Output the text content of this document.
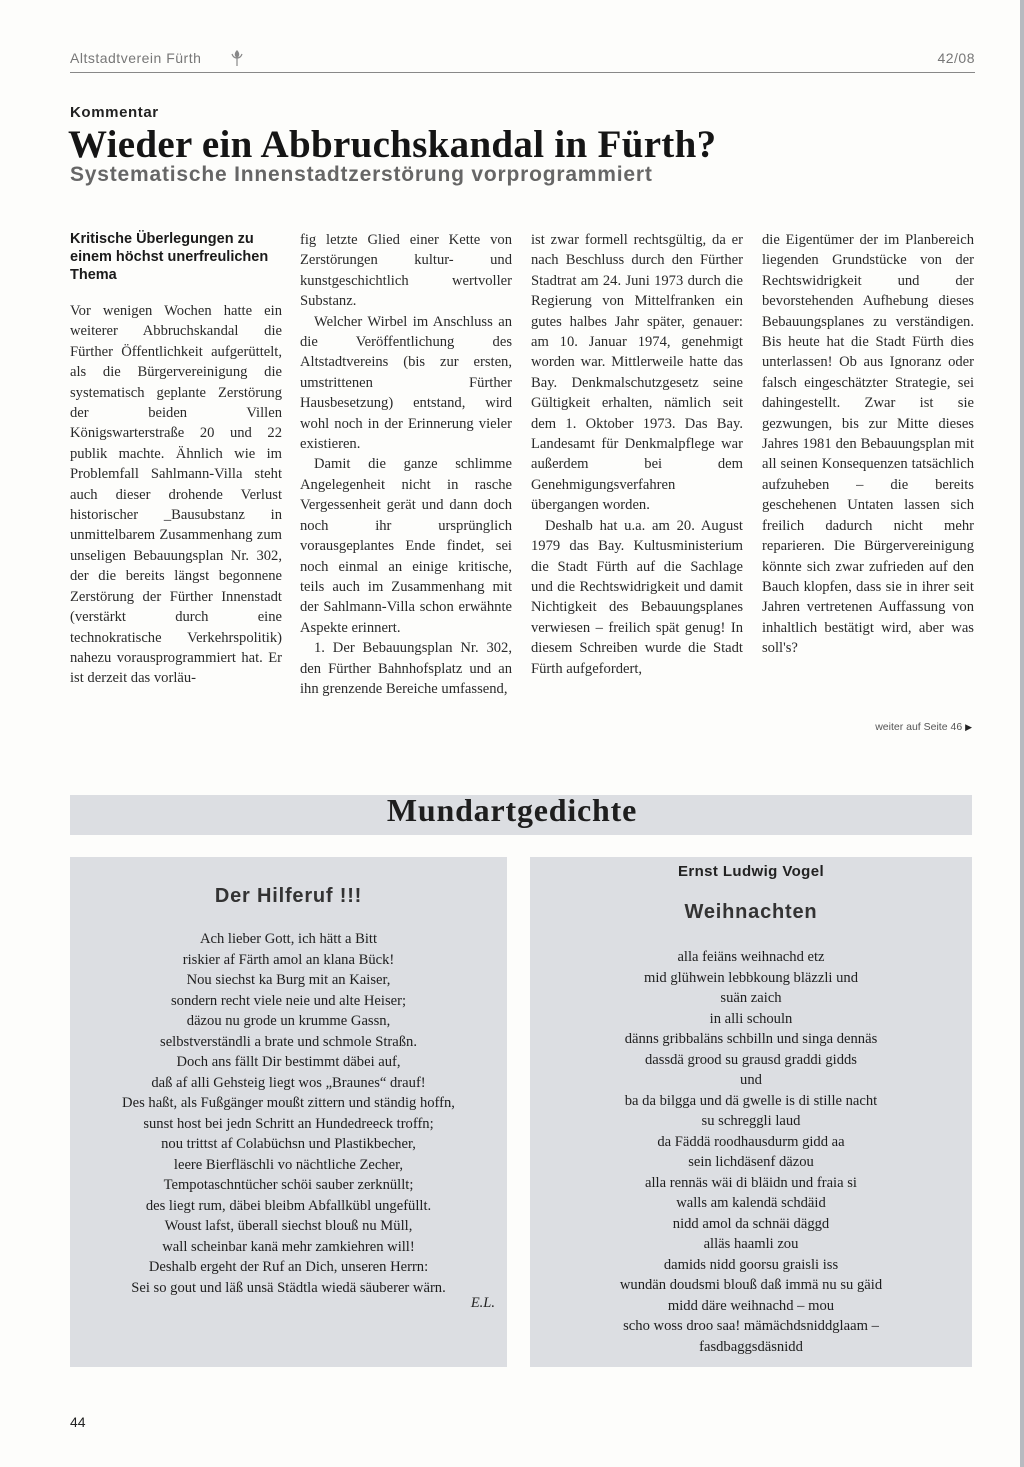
Altstadtverein Fürth	42/08
Kommentar
Wieder ein Abbruchskandal in Fürth?
Systematische Innenstadtzerstörung vorprogrammiert
Kritische Überlegungen zu einem höchst unerfreulichen Thema

Vor wenigen Wochen hatte ein weiterer Abbruchskandal die Fürther Öffentlichkeit aufgerüttelt, als die Bürgervereinigung die systematisch geplante Zerstörung der beiden Villen Königswarterstraße 20 und 22 publik machte. Ähnlich wie im Problemfall Sahlmann-Villa steht auch dieser drohende Verlust historischer _Bausubstanz in unmittelbarem Zusammenhang zum unseligen Bebauungsplan Nr. 302, der die bereits längst begonnene Zerstörung der Fürther Innenstadt (verstärkt durch eine technokratische Verkehrspolitik) nahezu vorausprogrammiert hat. Er ist derzeit das vorläu-

fig letzte Glied einer Kette von Zerstörungen kultur- und kunstgeschichtlich wertvoller Substanz.

Welcher Wirbel im Anschluss an die Veröffentlichung des Altstadtvereins (bis zur ersten, umstrittenen Fürther Hausbesetzung) entstand, wird wohl noch in der Erinnerung vieler existieren.

Damit die ganze schlimme Angelegenheit nicht in rasche Vergessenheit gerät und dann doch noch ihr ursprünglich vorausgeplantes Ende findet, sei noch einmal an einige kritische, teils auch im Zusammenhang mit der Sahlmann-Villa schon erwähnte Aspekte erinnert.

1. Der Bebauungsplan Nr. 302, den Fürther Bahnhofsplatz und an ihn grenzende Bereiche umfassend,

ist zwar formell rechtsgültig, da er nach Beschluss durch den Fürther Stadtrat am 24. Juni 1973 durch die Regierung von Mittelfranken ein gutes halbes Jahr später, genauer: am 10. Januar 1974, genehmigt worden war. Mittlerweile hatte das Bay. Denkmalschutzgesetz seine Gültigkeit erhalten, nämlich seit dem 1. Oktober 1973. Das Bay. Landesamt für Denkmalpflege war außerdem bei dem Genehmigungsverfahren übergangen worden.

Deshalb hat u.a. am 20. August 1979 das Bay. Kultusministerium die Stadt Fürth auf die Sachlage und die Rechtswidrigkeit und damit Nichtigkeit des Bebauungsplanes verwiesen – freilich spät genug! In diesem Schreiben wurde die Stadt Fürth aufgefordert,

die Eigentümer der im Planbereich liegenden Grundstücke von der Rechtswidrigkeit und der bevorstehenden Aufhebung dieses Bebauungsplanes zu verständigen. Bis heute hat die Stadt Fürth dies unterlassen! Ob aus Ignoranz oder falsch eingeschätzter Strategie, sei dahingestellt. Zwar ist sie gezwungen, bis zur Mitte dieses Jahres 1981 den Bebauungsplan mit all seinen Konsequenzen tatsächlich aufzuheben – die bereits geschehenen Untaten lassen sich freilich dadurch nicht mehr reparieren. Die Bürgervereinigung könnte sich zwar zufrieden auf den Bauch klopfen, dass sie in ihrer seit Jahren vertretenen Auffassung von inhaltlich bestätigt wird, aber was soll's?

weiter auf Seite 46 ▶
Mundartgedichte
Der Hilferuf !!!
Ach lieber Gott, ich hätt a Bitt
riskier af Färth amol an klana Bück!
Nou siechst ka Burg mit an Kaiser,
sondern recht viele neie und alte Heiser;
däzou nu grode un krumme Gassn,
selbstverständli a brate und schmole Straßn.
Doch ans fällt Dir bestimmt däbei auf,
daß af alli Gehsteig liegt wos „Braunes“ drauf!
Des haßt, als Fußgänger moußt zittern und ständig hoffn,
sunst host bei jedn Schritt an Hundedreeck troffn;
nou trittst af Colabüchsn und Plastikbecher,
leere Bierfläschli vo nächtliche Zecher,
Tempotaschntücher schöi sauber zerknüllt;
des liegt rum, däbei bleibm Abfallkübl ungefüllt.
Woust lafst, überall siechst blouß nu Müll,
wall scheinbar kanä mehr zamkiehren will!
Deshalb ergeht der Ruf an Dich, unseren Herrn:
Sei so gout und läß unsä Städtla wiedä säuberer wärn.
E.L.
Ernst Ludwig Vogel
Weihnachten
alla feiäns weihnachd etz
mid glühwein lebbkoung bläzzli und
suän zaich
in alli schouln
dänns gribbaläns schbilln und singa dennäs
dassdä grood su grausd graddi gidds
und
ba da bilgga und dä gwelle is di stille nacht
su schreggli laud
da Fäddä roodhausdurm gidd aa
sein lichdäsenf däzou
alla rennäs wäi di bläidn und fraia si
walls am kalendä schdäid
nidd amol da schnäi däggd
alläs haamli zou
damids nidd goorsu graisli iss
wundän doudsmi blouß daß immä nu su gäid
midd däre weihnachd – mou
scho woss droo saa! mämächdsniddglaam –
fasdbaggsdäsnidd
44
